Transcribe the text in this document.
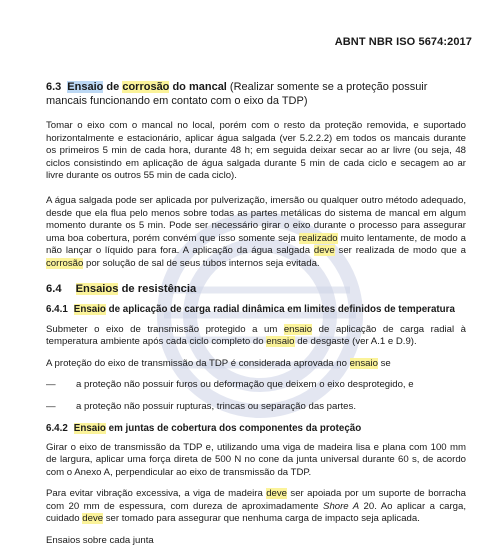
ABNT NBR ISO 5674:2017

6.3 Ensaio de corrosão do mancal (Realizar somente se a proteção possuir mancais funcionando em contato com o eixo da TDP)

Tomar o eixo com o mancal no local, porém com o resto da proteção removida, e suportado horizontalmente e estacionário, aplicar água salgada (ver 5.2.2.2) em todos os mancais durante os primeiros 5 min de cada hora, durante 48 h; em seguida deixar secar ao ar livre (ou seja, 48 ciclos consistindo em aplicação de água salgada durante 5 min de cada ciclo e secagem ao ar livre durante os outros 55 min de cada ciclo).

A água salgada pode ser aplicada por pulverização, imersão ou qualquer outro método adequado, desde que ela flua pelo menos sobre todas as partes metálicas do sistema de mancal em algum momento durante os 5 min. Pode ser necessário girar o eixo durante o processo para assegurar uma boa cobertura, porém convém que isso somente seja realizado muito lentamente, de modo a não lançar o líquido para fora. A aplicação da água salgada deve ser realizada de modo que a corrosão por solução de sal de seus tubos internos seja evitada.

6.4 Ensaios de resistência

6.4.1 Ensaio de aplicação de carga radial dinâmica em limites definidos de temperatura

Submeter o eixo de transmissão protegido a um ensaio de aplicação de carga radial à temperatura ambiente após cada ciclo completo do ensaio de desgaste (ver A.1 e D.9).

A proteção do eixo de transmissão da TDP é considerada aprovada no ensaio se

—	a proteção não possuir furos ou deformação que deixem o eixo desprotegido, e
—	a proteção não possuir rupturas, trincas ou separação das partes.

6.4.2 Ensaio em juntas de cobertura dos componentes da proteção

Girar o eixo de transmissão da TDP e, utilizando uma viga de madeira lisa e plana com 100 mm de largura, aplicar uma força direta de 500 N no cone da junta universal durante 60 s, de acordo com o Anexo A, perpendicular ao eixo de transmissão da TDP.

Para evitar vibração excessiva, a viga de madeira deve ser apoiada por um suporte de borracha com 20 mm de espessura, com dureza de aproximadamente Shore A 20. Ao aplicar a carga, cuidado deve ser tomado para assegurar que nenhuma carga de impacto seja aplicada.

Ensaios sobre cada junta
